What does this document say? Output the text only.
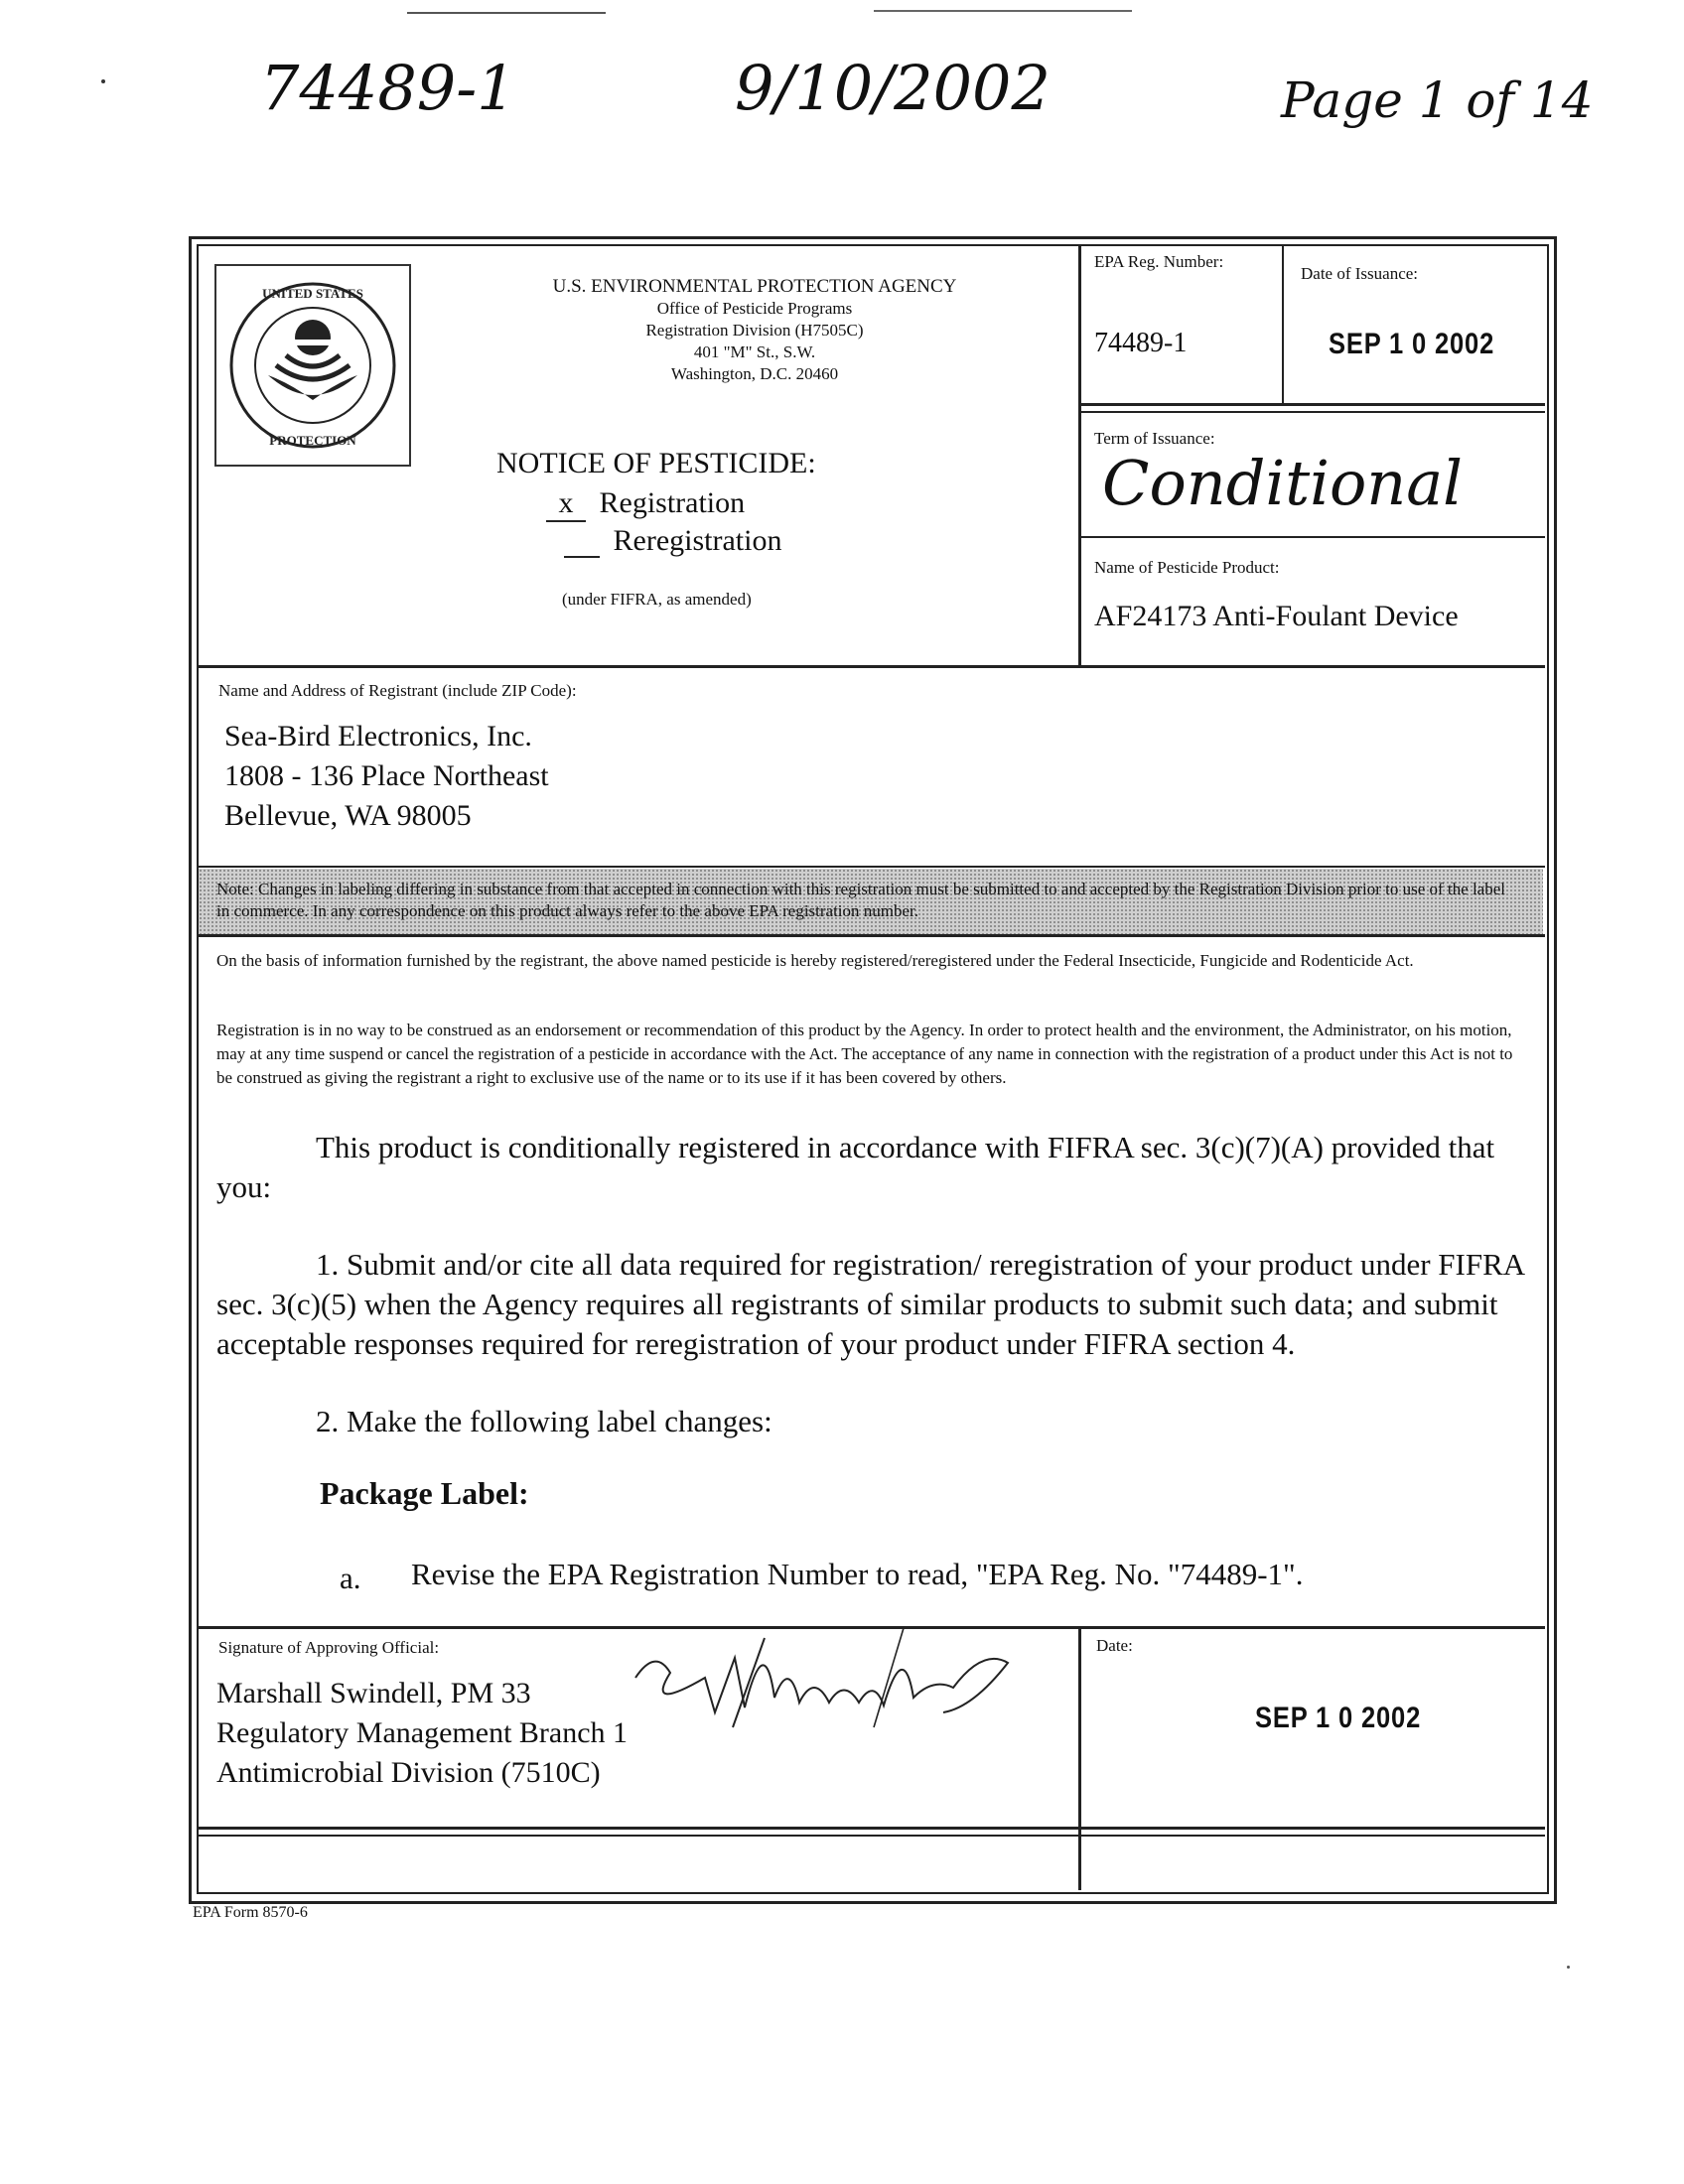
74489-1	9/10/2002	Page 1 of 14
UNITED STATES
PROTECTION
U.S. ENVIRONMENTAL PROTECTION AGENCY
Office of Pesticide Programs
Registration Division (H7505C)
401 "M" St., S.W.
Washington, D.C. 20460
NOTICE OF PESTICIDE:
x Registration
Reregistration
(under FIFRA, as amended)
EPA Reg. Number:
74489-1
Date of Issuance:
SEP 1 0 2002
Term of Issuance:
Conditional
Name of Pesticide Product:
AF24173 Anti-Foulant Device
Name and Address of Registrant (include ZIP Code):
Sea-Bird Electronics, Inc.
1808 - 136 Place Northeast
Bellevue, WA 98005
Note: Changes in labeling differing in substance from that accepted in connection with this registration must be submitted to and accepted by the Registration Division prior to use of the label in commerce. In any correspondence on this product always refer to the above EPA registration number.
On the basis of information furnished by the registrant, the above named pesticide is hereby registered/reregistered under the Federal Insecticide, Fungicide and Rodenticide Act.
Registration is in no way to be construed as an endorsement or recommendation of this product by the Agency. In order to protect health and the environment, the Administrator, on his motion, may at any time suspend or cancel the registration of a pesticide in accordance with the Act. The acceptance of any name in connection with the registration of a product under this Act is not to be construed as giving the registrant a right to exclusive use of the name or to its use if it has been covered by others.
This product is conditionally registered in accordance with FIFRA sec. 3(c)(7)(A) provided that you:
1. Submit and/or cite all data required for registration/ reregistration of your product under FIFRA sec. 3(c)(5) when the Agency requires all registrants of similar products to submit such data; and submit acceptable responses required for reregistration of your product under FIFRA section 4.
2. Make the following label changes:
Package Label:
a. Revise the EPA Registration Number to read, "EPA Reg. No. "74489-1".
Signature of Approving Official:
Marshall Swindell, PM 33
Regulatory Management Branch 1
Antimicrobial Division (7510C)
Date:
SEP 1 0 2002
EPA Form 8570-6
